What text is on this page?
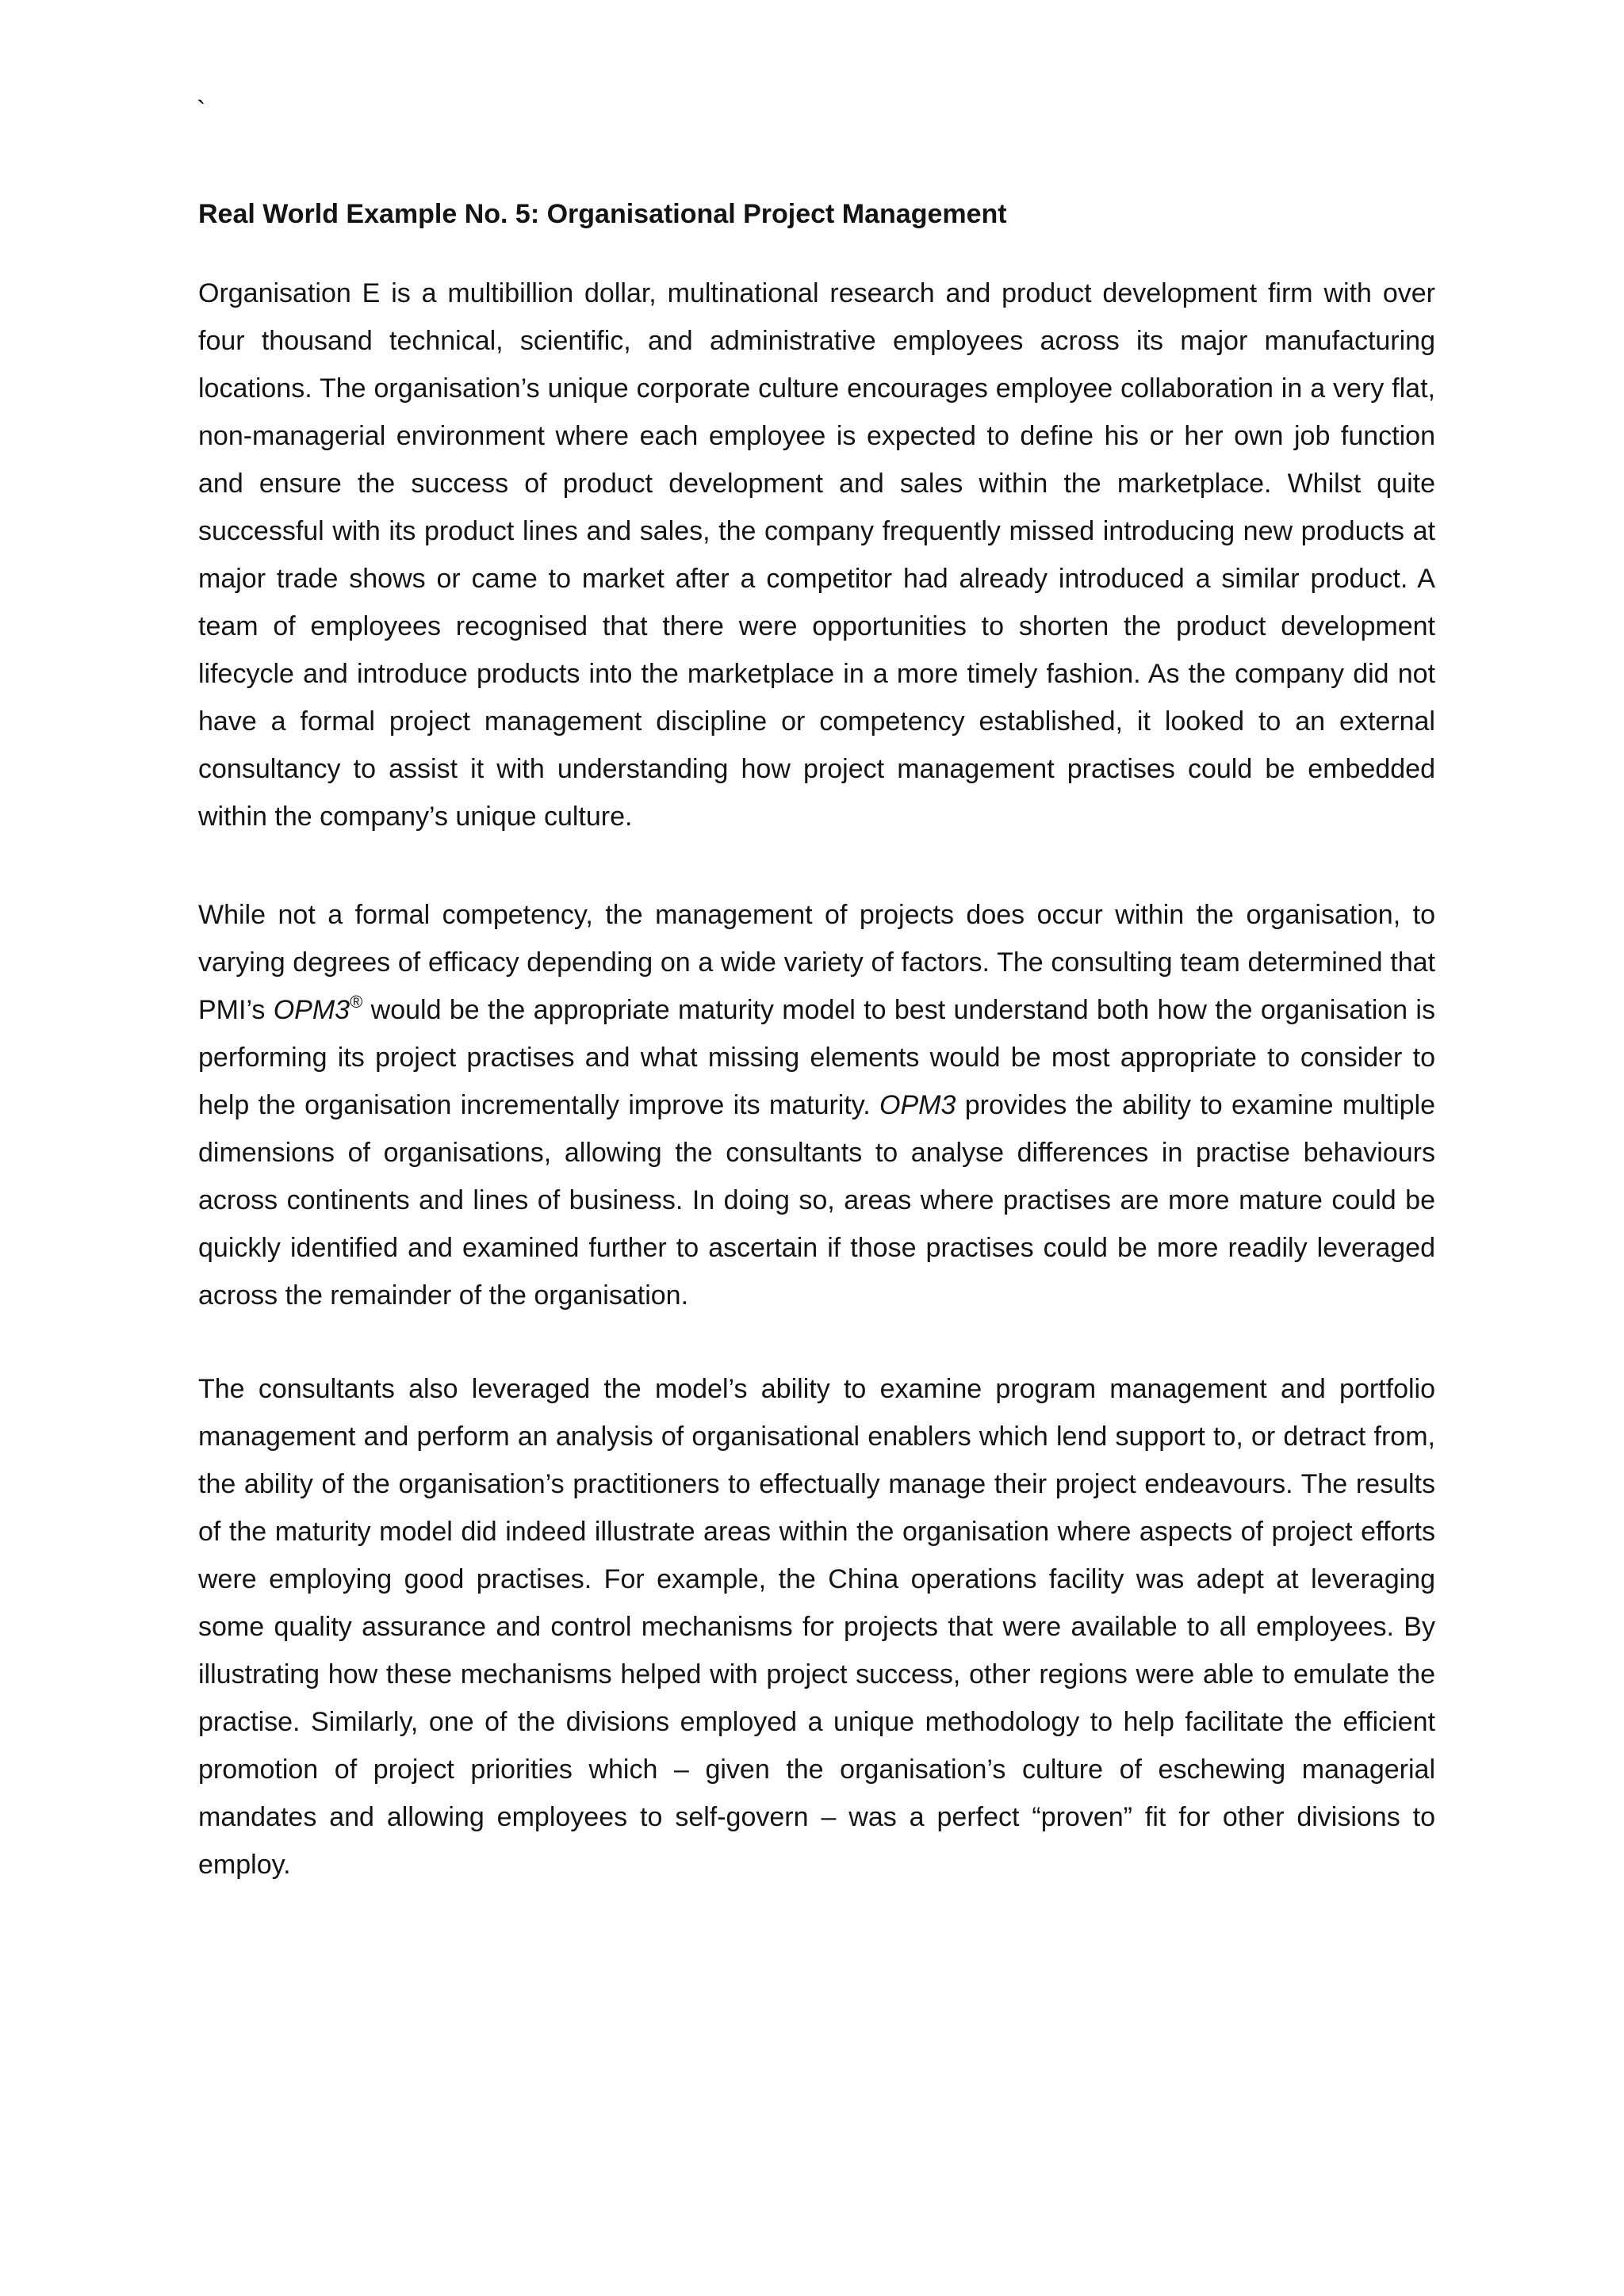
`

Real World Example No. 5: Organisational Project Management

Organisation E is a multibillion dollar, multinational research and product development firm with over four thousand technical, scientific, and administrative employees across its major manufacturing locations. The organisation’s unique corporate culture encourages employee collaboration in a very flat, non-managerial environment where each employee is expected to define his or her own job function and ensure the success of product development and sales within the marketplace. Whilst quite successful with its product lines and sales, the company frequently missed introducing new products at major trade shows or came to market after a competitor had already introduced a similar product. A team of employees recognised that there were opportunities to shorten the product development lifecycle and introduce products into the marketplace in a more timely fashion. As the company did not have a formal project management discipline or competency established, it looked to an external consultancy to assist it with understanding how project management practises could be embedded within the company’s unique culture.

While not a formal competency, the management of projects does occur within the organisation, to varying degrees of efficacy depending on a wide variety of factors. The consulting team determined that PMI’s OPM3® would be the appropriate maturity model to best understand both how the organisation is performing its project practises and what missing elements would be most appropriate to consider to help the organisation incrementally improve its maturity. OPM3 provides the ability to examine multiple dimensions of organisations, allowing the consultants to analyse differences in practise behaviours across continents and lines of business. In doing so, areas where practises are more mature could be quickly identified and examined further to ascertain if those practises could be more readily leveraged across the remainder of the organisation.

The consultants also leveraged the model’s ability to examine program management and portfolio management and perform an analysis of organisational enablers which lend support to, or detract from, the ability of the organisation’s practitioners to effectually manage their project endeavours. The results of the maturity model did indeed illustrate areas within the organisation where aspects of project efforts were employing good practises. For example, the China operations facility was adept at leveraging some quality assurance and control mechanisms for projects that were available to all employees. By illustrating how these mechanisms helped with project success, other regions were able to emulate the practise. Similarly, one of the divisions employed a unique methodology to help facilitate the efficient promotion of project priorities which – given the organisation’s culture of eschewing managerial mandates and allowing employees to self-govern – was a perfect “proven” fit for other divisions to employ.
